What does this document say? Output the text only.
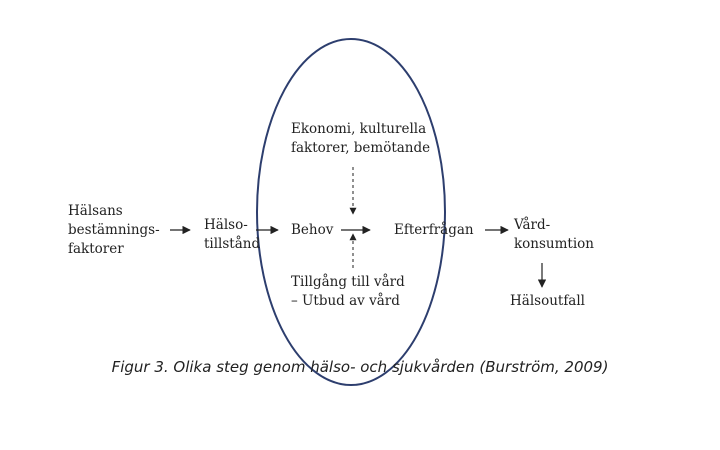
Hälsans
bestämnings-
faktorer
Hälso-
tillstånd
Behov	Efterfrågan	Vård-
konsumtion
Hälsoutfall
Ekonomi, kulturella
faktorer, bemötande
Tillgång till vård
– Utbud av vård
Figur 3. Olika steg genom hälso- och sjukvården (Burström, 2009)
